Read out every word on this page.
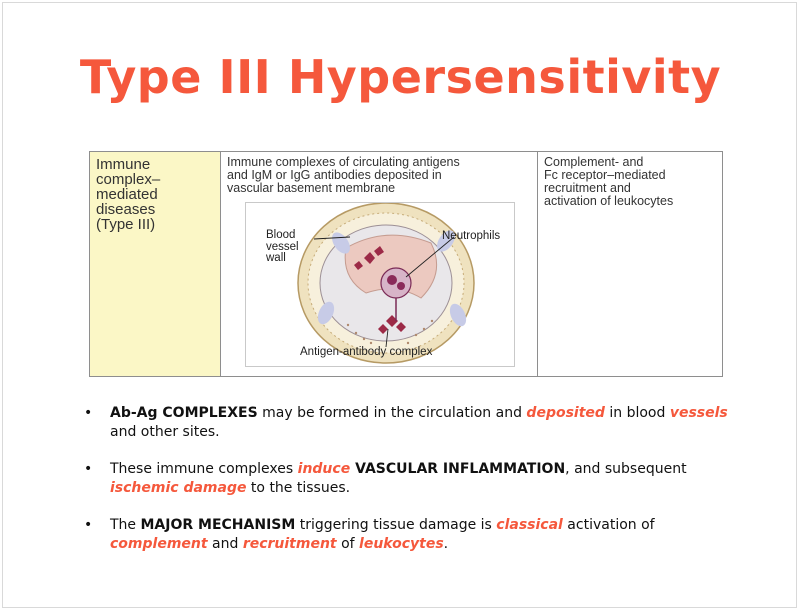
Type III Hypersensitivity
Immune
complex–
mediated
diseases
(Type III)
Immune complexes of circulating antigens
and IgM or IgG antibodies deposited in
vascular basement membrane
Blood
vessel
wall
Neutrophils
Antigen-antibody complex
Complement- and
Fc receptor–mediated
recruitment and
activation of leukocytes
• Ab-Ag COMPLEXES may be formed in the circulation and deposited in blood vessels and other sites.
• These immune complexes induce VASCULAR INFLAMMATION, and subsequent ischemic damage to the tissues.
• The MAJOR MECHANISM triggering tissue damage is classical activation of complement and recruitment of leukocytes.
